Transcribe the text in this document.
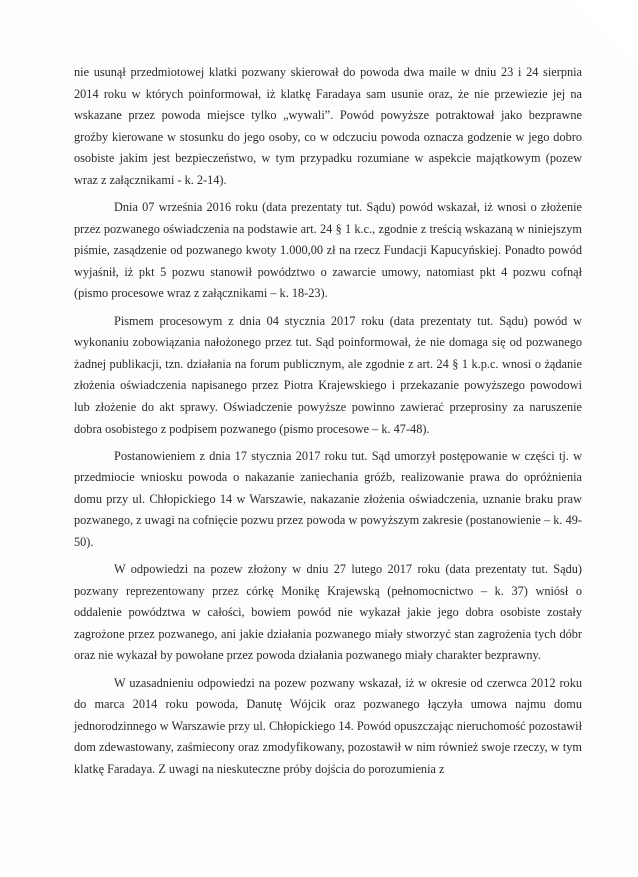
nie usunął przedmiotowej klatki pozwany skierował do powoda dwa maile w dniu 23 i 24 sierpnia 2014 roku w których poinformował, iż klatkę Faradaya sam usunie oraz, że nie przewiezie jej na wskazane przez powoda miejsce tylko „wywali”. Powód powyższe potraktował jako bezprawne groźby kierowane w stosunku do jego osoby, co w odczuciu powoda oznacza godzenie w jego dobro osobiste jakim jest bezpieczeństwo, w tym przypadku rozumiane w aspekcie majątkowym (pozew wraz z załącznikami - k. 2-14).

Dnia 07 września 2016 roku (data prezentaty tut. Sądu) powód wskazał, iż wnosi o złożenie przez pozwanego oświadczenia na podstawie art. 24 § 1 k.c., zgodnie z treścią wskazaną w niniejszym piśmie, zasądzenie od pozwanego kwoty 1.000,00 zł na rzecz Fundacji Kapucyńskiej. Ponadto powód wyjaśnił, iż pkt 5 pozwu stanowił powództwo o zawarcie umowy, natomiast pkt 4 pozwu cofnął (pismo procesowe wraz z załącznikami – k. 18-23).

Pismem procesowym z dnia 04 stycznia 2017 roku (data prezentaty tut. Sądu) powód w wykonaniu zobowiązania nałożonego przez tut. Sąd poinformował, że nie domaga się od pozwanego żadnej publikacji, tzn. działania na forum publicznym, ale zgodnie z art. 24 § 1 k.p.c. wnosi o żądanie złożenia oświadczenia napisanego przez Piotra Krajewskiego i przekazanie powyższego powodowi lub złożenie do akt sprawy. Oświadczenie powyższe powinno zawierać przeprosiny za naruszenie dobra osobistego z podpisem pozwanego (pismo procesowe – k. 47-48).

Postanowieniem z dnia 17 stycznia 2017 roku tut. Sąd umorzył postępowanie w części tj. w przedmiocie wniosku powoda o nakazanie zaniechania gróźb, realizowanie prawa do opróżnienia domu przy ul. Chłopickiego 14 w Warszawie, nakazanie złożenia oświadczenia, uznanie braku praw pozwanego, z uwagi na cofnięcie pozwu przez powoda w powyższym zakresie (postanowienie – k. 49-50).

W odpowiedzi na pozew złożony w dniu 27 lutego 2017 roku (data prezentaty tut. Sądu) pozwany reprezentowany przez córkę Monikę Krajewską (pełnomocnictwo – k. 37) wniósł o oddalenie powództwa w całości, bowiem powód nie wykazał jakie jego dobra osobiste zostały zagrożone przez pozwanego, ani jakie działania pozwanego miały stworzyć stan zagrożenia tych dóbr oraz nie wykazał by powołane przez powoda działania pozwanego miały charakter bezprawny.

W uzasadnieniu odpowiedzi na pozew pozwany wskazał, iż w okresie od czerwca 2012 roku do marca 2014 roku powoda, Danutę Wójcik oraz pozwanego łączyła umowa najmu domu jednorodzinnego w Warszawie przy ul. Chłopickiego 14. Powód opuszczając nieruchomość pozostawił dom zdewastowany, zaśmiecony oraz zmodyfikowany, pozostawił w nim również swoje rzeczy, w tym klatkę Faradaya. Z uwagi na nieskuteczne próby dojścia do porozumienia z
